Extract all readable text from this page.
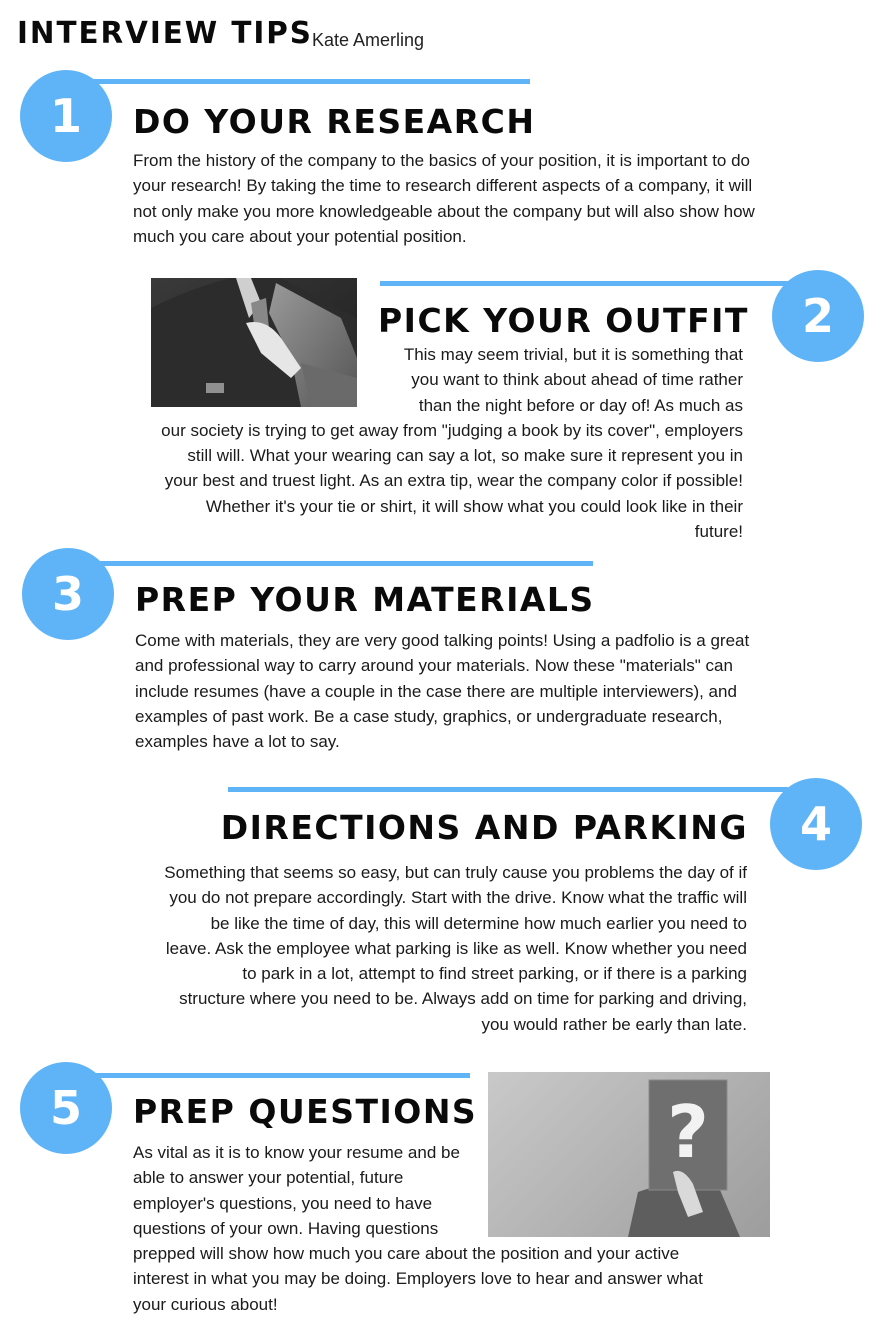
INTERVIEW TIPS Kate Amerling
1	DO YOUR RESEARCH
From the history of the company to the basics of your position, it is important to do
your research! By taking the time to research different aspects of a company, it will
not only make you more knowledgeable about the company but will also show how
much you care about your potential position.
2
PICK YOUR OUTFIT
This may seem trivial, but it is something that
you want to think about ahead of time rather
than the night before or day of! As much as
our society is trying to get away from "judging a book by its cover", employers
still will. What your wearing can say a lot, so make sure it represent you in
your best and truest light. As an extra tip, wear the company color if possible!
Whether it's your tie or shirt, it will show what you could look like in their
future!
3	PREP YOUR MATERIALS
Come with materials, they are very good talking points! Using a padfolio is a great
and professional way to carry around your materials. Now these "materials" can
include resumes (have a couple in the case there are multiple interviewers), and
examples of past work. Be a case study, graphics, or undergraduate research,
examples have a lot to say.
4
DIRECTIONS AND PARKING
Something that seems so easy, but can truly cause you problems the day of if
you do not prepare accordingly. Start with the drive. Know what the traffic will
be like the time of day, this will determine how much earlier you need to
leave. Ask the employee what parking is like as well. Know whether you need
to park in a lot, attempt to find street parking, or if there is a parking
structure where you need to be. Always add on time for parking and driving,
you would rather be early than late.
5	PREP QUESTIONS	?
As vital as it is to know your resume and be
able to answer your potential, future
employer's questions, you need to have
questions of your own. Having questions
prepped will show how much you care about the position and your active
interest in what you may be doing. Employers love to hear and answer what
your curious about!
